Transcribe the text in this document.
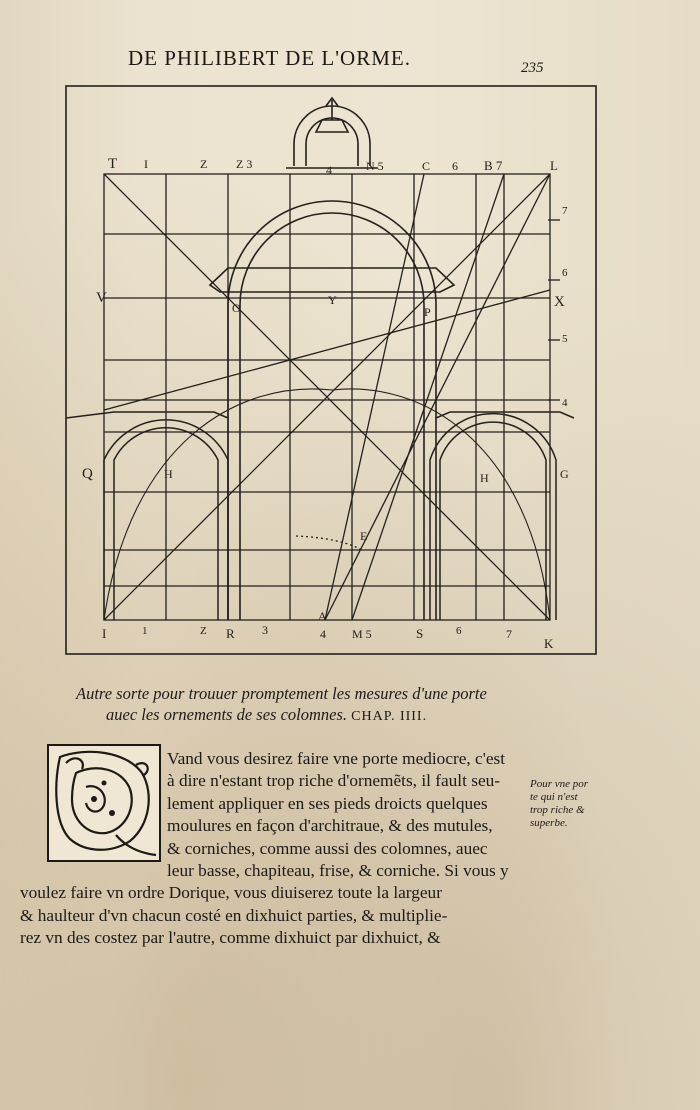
DE PHILIBERT DE L'ORME.	235
T I	Z Z 3	4	N 5	C 6 B 7	L
V
O
Y
P
X
Q	H	H	G
E
A
I	1	Z R 3	4 M 5	S	6	7
K
7
6
5
4
Autre sorte pour trouuer promptement les mesures d'une porte
auec les ornements de ses colomnes. CHAP. IIII.
Vand vous desirez faire vne porte mediocre, c'est
à dire n'estant trop riche d'ornemẽts, il fault seu-
lement appliquer en ses pieds droicts quelques
moulures en façon d'architraue, & des mutules,
& corniches, comme aussi des colomnes, auec
leur basse, chapiteau, frise, & corniche. Si vous y
voulez faire vn ordre Dorique, vous diuiserez toute la largeur
& haulteur d'vn chacun costé en dixhuict parties, & multiplie-
rez vn des costez par l'autre, comme dixhuict par dixhuict, &
Pour vne por
te qui n'est
trop riche &
superbe.
